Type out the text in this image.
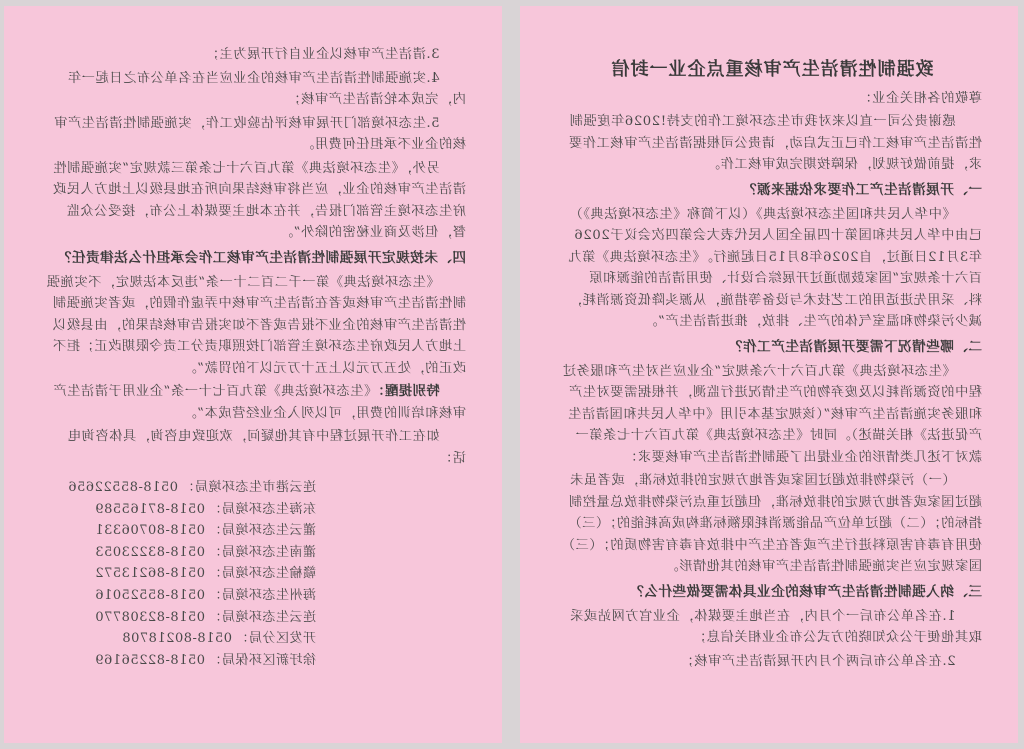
3.清洁生产审核以企业自行开展为主；

4.实施强制性清洁生产审核的企业应当在名单公布之日起一年内，完成本轮清洁生产审核；

5.生态环境部门开展审核评估验收工作，实施强制性清洁生产审核的企业不承担任何费用。

另外，《生态环境法典》第九百六十七条第三款规定“实施强制性清洁生产审核的企业，应当将审核结果向所在地县级以上地方人民政府生态环境主管部门报告，并在本地主要媒体上公布，接受公众监督，但涉及商业秘密的除外”。

四、未按规定开展强制性清洁生产审核工作会承担什么法律责任？

《生态环境法典》第一千二百二十一条“违反本法规定，不实施强制性清洁生产审核或者在清洁生产审核中弄虚作假的，或者实施强制性清洁生产审核的企业不报告或者不如实报告审核结果的，由县级以上地方人民政府生态环境主管部门按照职责分工责令限期改正；拒不改正的，处五万元以上五十万元以下的罚款”。

特别提醒：《生态环境法典》第九百七十一条“企业用于清洁生产审核和培训的费用，可以列入企业经营成本”。

如在工作开展过程中有其他疑问，欢迎致电咨询，具体咨询电话：

连云港市生态环境局：0518-85522656
东海生态环境局：0518-87165589
灌云生态环境局：0518-80706331
灌南生态环境局：0518-83223053
赣榆生态环境局：0518-86213572
海州生态环境局：0518-85525016
连云生态环境局：0518-82308770
开发区分局：0518-80218708
徐圩新区环保局：0518-82256169

致强制性清洁生产审核重点企业一封信

尊敬的各相关企业：

感谢贵公司一直以来对我市生态环境工作的支持!2026年度强制性清洁生产审核工作已正式启动，请贵公司根据清洁生产审核工作要求，提前做好规划，保障按期完成审核工作。

一、开展清洁生产工作要求依据来源？

《中华人民共和国生态环境法典》（以下简称《生态环境法典》）已由中华人民共和国第十四届全国人民代表大会第四次会议于2026年3月12日通过，自2026年8月15日起施行。《生态环境法典》第九百六十条规定“国家鼓励通过开展综合设计、使用清洁的能源和原料、采用先进适用的工艺技术与设备等措施，从源头降低资源消耗，减少污染物和温室气体的产生、排放，推进清洁生产”。

二、哪些情况下需要开展清洁生产工作？

《生态环境法典》第九百六十六条规定“企业应当对生产和服务过程中的资源消耗以及废弃物的产生情况进行监测，并根据需要对生产和服务实施清洁生产审核”（该规定基本引用《中华人民共和国清洁生产促进法》相关描述）。同时《生态环境法典》第九百六十七条第一款对下述几类情形的企业提出了强制性清洁生产审核要求：

（一）污染物排放超过国家或者地方规定的排放标准，或者虽未超过国家或者地方规定的排放标准，但超过重点污染物排放总量控制指标的；（二）超过单位产品能源消耗限额标准构成高耗能的；（三）使用有毒有害原料进行生产或者在生产中排放有毒有害物质的；（三）国家规定应当实施强制性清洁生产审核的其他情形。

三、纳入强制性清洁生产审核的企业具体需要做些什么？

1.在名单公布后一个月内，在当地主要媒体，企业官方网站或采取其他便于公众知晓的方式公布企业相关信息；

2.在名单公布后两个月内开展清洁生产审核；
